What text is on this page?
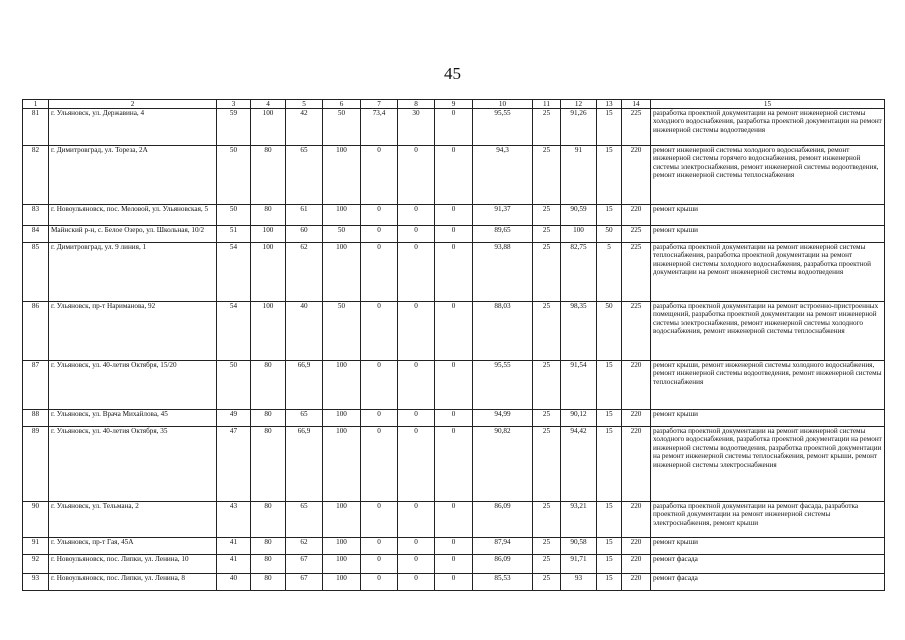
45
1	2	3	4	5	6	7	8	9	10	11	12	13	14	15
81	г. Ульяновск, ул. Державина, 4	59	100	42	50	73,4	30	0	95,55	25	91,26	15	225	разработка проектной документации на ремонт инженерной системы холодного водоснабжения, разработка проектной документации на ремонт инженерной системы водоотведения
82	г. Димитровград, ул. Тореза, 2А	50	80	65	100	0	0	0	94,3	25	91	15	220	ремонт инженерной системы холодного водоснабжения, ремонт инженерной системы горячего водоснабжения, ремонт инженерной системы электроснабжения, ремонт инженерной системы водоотведения, ремонт инженерной системы теплоснабжения
83	г. Новоульяновск, пос. Меловой, ул. Ульяновская, 5	50	80	61	100	0	0	0	91,37	25	90,59	15	220	ремонт крыши
84	Майнский р-н, с. Белое Озеро, ул. Школьная, 10/2	51	100	60	50	0	0	0	89,65	25	100	50	225	ремонт крыши
85	г. Димитровград, ул. 9 линия, 1	54	100	62	100	0	0	0	93,88	25	82,75	5	225	разработка проектной документации на ремонт инженерной системы теплоснабжения, разработка проектной документации на ремонт инженерной системы холодного водоснабжения, разработка проектной документации на ремонт инженерной системы водоотведения
86	г. Ульяновск, пр-т Нариманова, 92	54	100	40	50	0	0	0	88,03	25	98,35	50	225	разработка проектной документации на ремонт встроенно-пристроенных помещений, разработка проектной документации на ремонт инженерной системы электроснабжения, ремонт инженерной системы холодного водоснабжения, ремонт инженерной системы теплоснабжения
87	г. Ульяновск, ул. 40-летия Октября, 15/20	50	80	66,9	100	0	0	0	95,55	25	91,54	15	220	ремонт крыши, ремонт инженерной системы холодного водоснабжения, ремонт инженерной системы водоотведения, ремонт инженерной системы теплоснабжения
88	г. Ульяновск, ул. Врача Михайлова, 45	49	80	65	100	0	0	0	94,99	25	90,12	15	220	ремонт крыши
89	г. Ульяновск, ул. 40-летия Октября, 35	47	80	66,9	100	0	0	0	90,82	25	94,42	15	220	разработка проектной документации на ремонт инженерной системы холодного водоснабжения, разработка проектной документации на ремонт инженерной системы водоотведения, разработка проектной документации на ремонт инженерной системы теплоснабжения, ремонт крыши, ремонт инженерной системы электроснабжения
90	г. Ульяновск, ул. Тельмана, 2	43	80	65	100	0	0	0	86,09	25	93,21	15	220	разработка проектной документации на ремонт фасада, разработка проектной документации на ремонт инженерной системы электроснабжения, ремонт крыши
91	г. Ульяновск, пр-т Гая, 45А	41	80	62	100	0	0	0	87,94	25	90,58	15	220	ремонт крыши
92	г. Новоульяновск, пос. Липки, ул. Ленина, 10	41	80	67	100	0	0	0	86,09	25	91,71	15	220	ремонт фасада
93	г. Новоульяновск, пос. Липки, ул. Ленина, 8	40	80	67	100	0	0	0	85,53	25	93	15	220	ремонт фасада
